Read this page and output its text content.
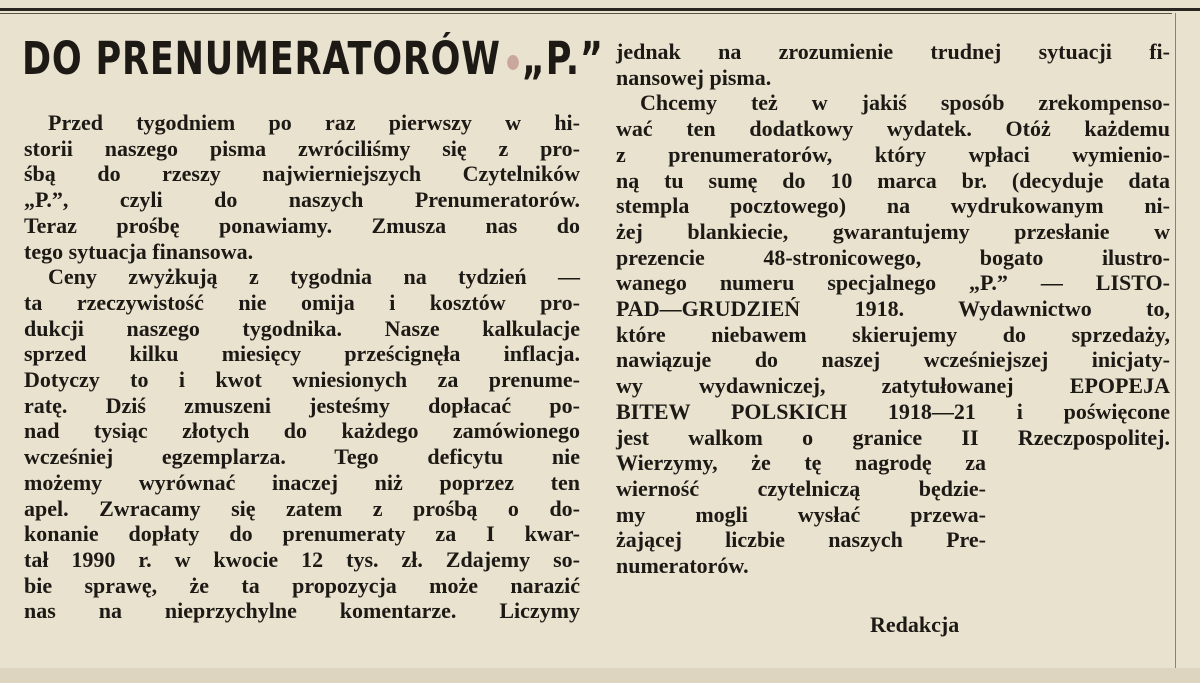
DO PRENUMERATORÓW „P.”
Przed tygodniem po raz pierwszy w hi-
storii naszego pisma zwróciliśmy się z pro-
śbą do rzeszy najwierniejszych Czytelników
„P.”, czyli do naszych Prenumeratorów.
Teraz prośbę ponawiamy. Zmusza nas do
tego sytuacja finansowa.
Ceny zwyżkują z tygodnia na tydzień —
ta rzeczywistość nie omija i kosztów pro-
dukcji naszego tygodnika. Nasze kalkulacje
sprzed kilku miesięcy prześcignęła inflacja.
Dotyczy to i kwot wniesionych za prenume-
ratę. Dziś zmuszeni jesteśmy dopłacać po-
nad tysiąc złotych do każdego zamówionego
wcześniej egzemplarza. Tego deficytu nie
możemy wyrównać inaczej niż poprzez ten
apel. Zwracamy się zatem z prośbą o do-
konanie dopłaty do prenumeraty za I kwar-
tał 1990 r. w kwocie 12 tys. zł. Zdajemy so-
bie sprawę, że ta propozycja może narazić
nas na nieprzychylne komentarze. Liczymy
jednak na zrozumienie trudnej sytuacji fi-
nansowej pisma.
Chcemy też w jakiś sposób zrekompenso-
wać ten dodatkowy wydatek. Otóż każdemu
z prenumeratorów, który wpłaci wymienio-
ną tu sumę do 10 marca br. (decyduje data
stempla pocztowego) na wydrukowanym ni-
żej blankiecie, gwarantujemy przesłanie w
prezencie 48-stronicowego, bogato ilustro-
wanego numeru specjalnego „P.” — LISTO-
PAD—GRUDZIEŃ 1918. Wydawnictwo to,
które niebawem skierujemy do sprzedaży,
nawiązuje do naszej wcześniejszej inicjaty-
wy wydawniczej, zatytułowanej EPOPEJA
BITEW POLSKICH 1918—21 i poświęcone
jest walkom o granice II Rzeczpospolitej.
Wierzymy, że tę nagrodę za
wierność czytelniczą będzie-
my mogli wysłać przewa-
żającej liczbie naszych Pre-
numeratorów.
Redakcja
